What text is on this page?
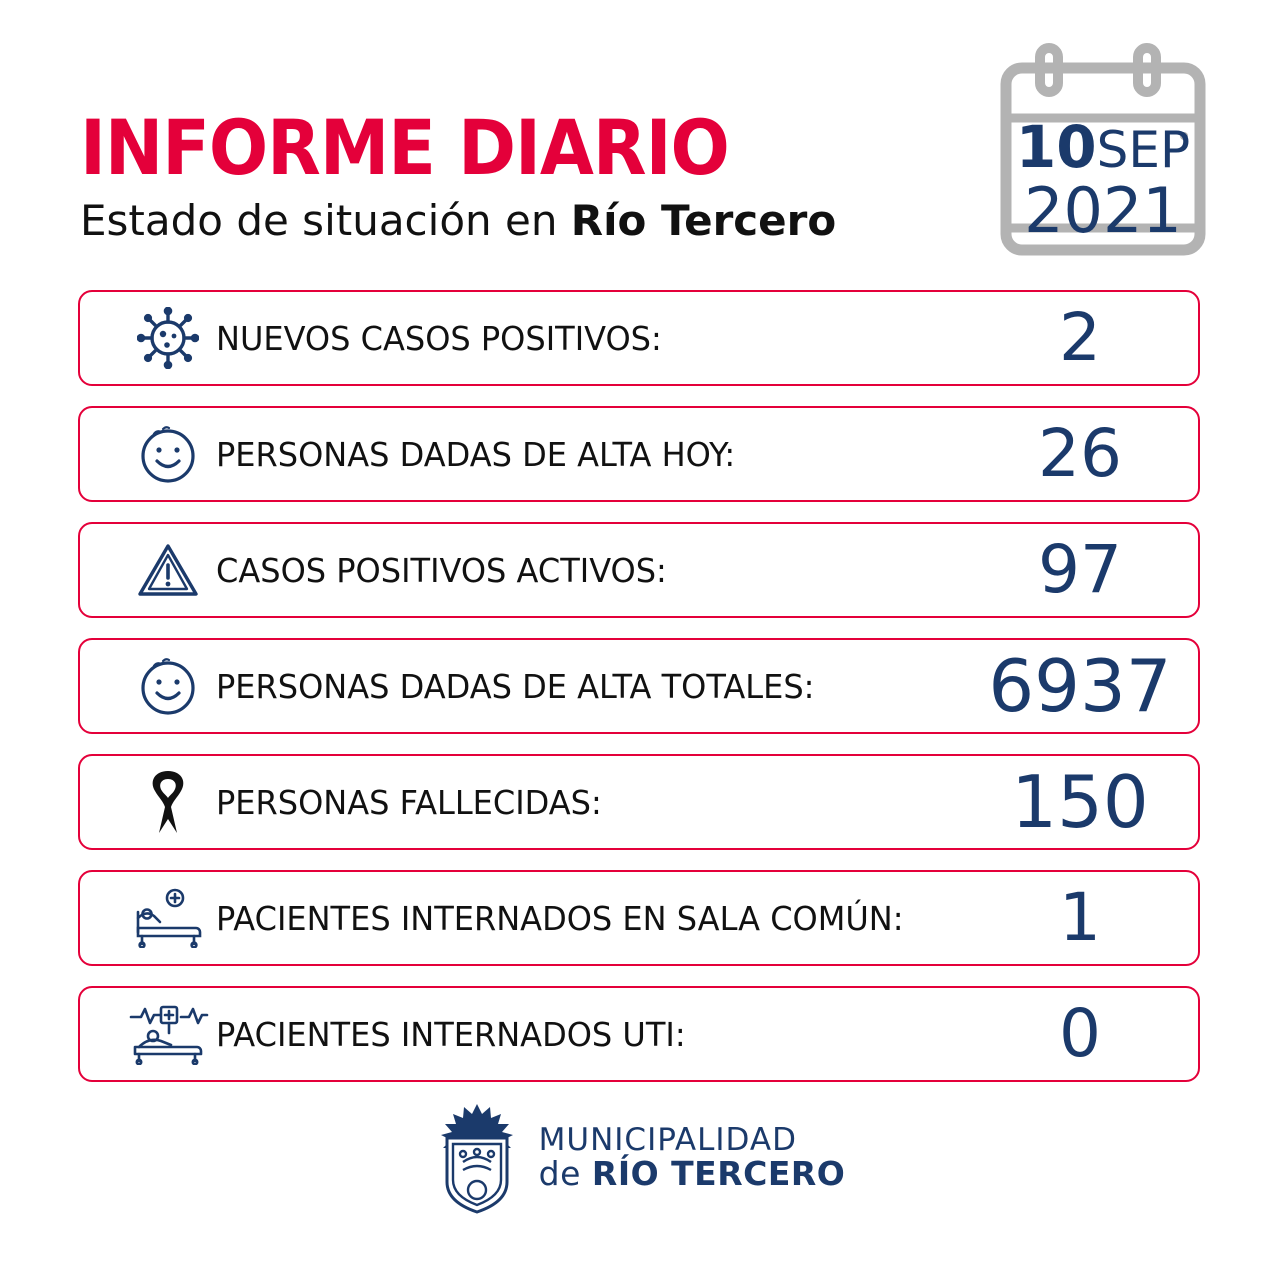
INFORME DIARIO
Estado de situación en Río Tercero
10SEP
2021
NUEVOS CASOS POSITIVOS:	2
PERSONAS DADAS DE ALTA HOY:	26
CASOS POSITIVOS ACTIVOS:	97
PERSONAS DADAS DE ALTA TOTALES:	6937
PERSONAS FALLECIDAS:	150
PACIENTES INTERNADOS EN SALA COMÚN:	1
PACIENTES INTERNADOS UTI:	0
MUNICIPALIDAD
de RÍO TERCERO
